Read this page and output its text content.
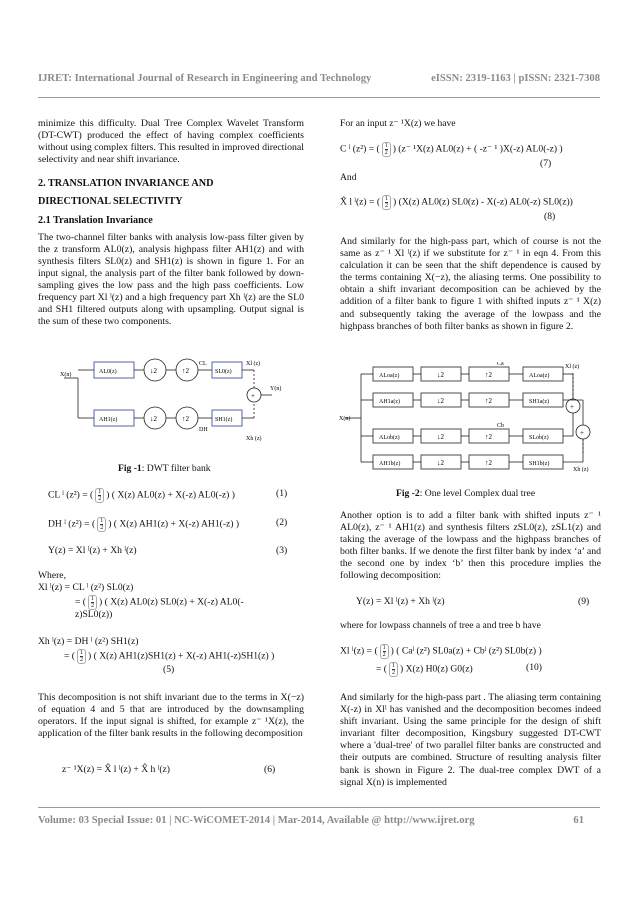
IJRET: International Journal of Research in Engineering and Technology	eISSN: 2319-1163 | pISSN: 2321-7308

minimize this difficulty. Dual Tree Complex Wavelet Transform (DT-CWT) produced the effect of having complex coefficients without using complex filters. This resulted in improved directional selectivity and near shift invariance.

2. TRANSLATION INVARIANCE AND

DIRECTIONAL SELECTIVITY

2.1 Translation Invariance

The two-channel filter banks with analysis low-pass filter given by the z transform AL0(z), analysis highpass filter AH1(z) and with synthesis filters SL0(z) and SH1(z) is shown in figure 1. For an input signal, the analysis part of the filter bank followed by down-sampling gives the low pass and the high pass coefficients. Low frequency part Xl ˡ(z) and a high frequency part Xh ˡ(z) are the SL0 and SH1 filtered outputs along with upsampling. Output signal is the sum of these two components.

X(n)	AL0(z)
AH1(z)
↓2
↓2
↑2
↑2
SL0(z)
SH1(z)
CL
DH
Xl (z)
Xh (z)
Y(n)
+
Fig -1: DWT filter bank
CL ˡ (z²) = ( $\frac{1}{2}$ ) ( X(z) AL0(z) + X(-z) AL0(-z) )	(1)
DH ˡ (z²) = ( $\frac{1}{2}$ ) ( X(z) AH1(z) + X(-z) AH1(-z) )	(2)
Y(z) = Xl ˡ(z) + Xh ˡ(z)	(3)
Where,
Xl ˡ(z) = CL ˡ (z²) SL0(z)
= ( $\frac{1}{2}$ ) ( X(z) AL0(z) SL0(z) + X(-z) AL0(-
z)SL0(z))
Xh ˡ(z) = DH ˡ (z²) SH1(z)
= ( $\frac{1}{2}$ ) ( X(z) AH1(z)SH1(z) + X(-z) AH1(-z)SH1(z) )
(5)

This decomposition is not shift invariant due to the terms in X(−z) of equation 4 and 5 that are introduced by the downsampling operators. If the input signal is shifted, for example z⁻ ¹X(z), the application of the filter bank results in the following decomposition

z⁻ ¹X(z) = X̂ l ˡ(z) + X̂ h ˡ(z)	(6)
For an input z⁻ ¹X(z) we have
C ˡ (z²) = ( $\frac{1}{2}$ ) (z⁻ ¹X(z) AL0(z) + ( -z⁻ ¹ )X(-z) AL0(-z) )
(7)
And
X̂ l ˡ(z) = ( $\frac{1}{2}$ ) (X(z) AL0(z) SL0(z) - X(-z) AL0(-z) SL0(z))
(8)

And similarly for the high-pass part, which of course is not the same as z⁻ ¹ Xl ˡ(z) if we substitute for z⁻ ¹ in eqn 4. From this calculation it can be seen that the shift dependence is caused by the terms containing X(−z), the aliasing terms. One possibility to obtain a shift invariant decomposition can be achieved by the addition of a filter bank to figure 1 with shifted inputs z⁻ ¹ X(z) and subsequently taking the average of the lowpass and the highpass branches of both filter banks as shown in figure 2.

X(n)
ALoa(z)
AH1a(z)
ALob(z)
AH1b(z)
↓2
↓2
↓2
↓2
↑2
↑2
↑2
↑2
ALoa(z)
SH1a(z)
SLob(z)
SH1b(z)
Ca
Cb
Xl (z)
Xh (z)
+
+
Fig -2: One level Complex dual tree

Another option is to add a filter bank with shifted inputs z⁻ ¹ AL0(z), z⁻ ¹ AH1(z) and synthesis filters zSL0(z), zSL1(z) and taking the average of the lowpass and the highpass branches of both filter banks. If we denote the first filter bank by index ‘a’ and the second one by index ‘b’ then this procedure implies the following decomposition:

Y(z) = Xl ˡ(z) + Xh ˡ(z)	(9)
where for lowpass channels of tree a and tree b have
Xl ˡ(z) = ( $\frac{1}{2}$ ) ( Caˡ (z²) SL0a(z) + Cbˡ (z²) SL0b(z) )
= ( $\frac{1}{2}$ ) X(z) H0(z) G0(z)	(10)

And similarly for the high-pass part . The aliasing term containing X(-z) in Xlˡ has vanished and the decomposition becomes indeed shift invariant. Using the same principle for the design of shift invariant filter decomposition, Kingsbury suggested DT-CWT where a 'dual-tree' of two parallel filter banks are constructed and their outputs are combined. Structure of resulting analysis filter bank is shown in Figure 2. The dual-tree complex DWT of a signal X(n) is implemented

Volume: 03 Special Issue: 01 | NC-WiCOMET-2014 | Mar-2014, Available @ http://www.ijret.org	61
